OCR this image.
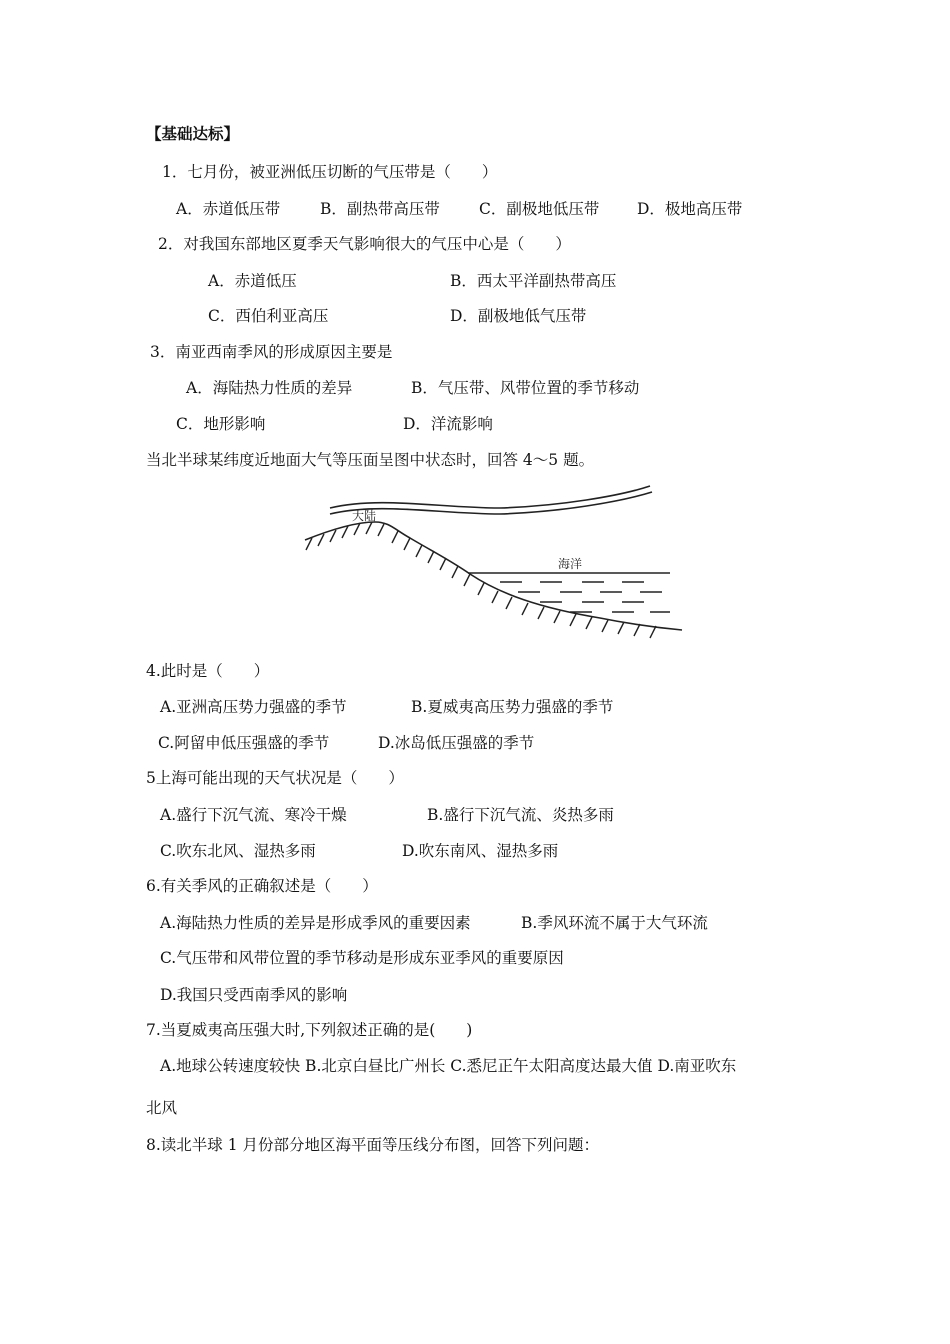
【基础达标】
1．七月份，被亚洲低压切断的气压带是（　　）
A．赤道低压带	B．副热带高压带	C．副极地低压带 D．极地高压带
2．对我国东部地区夏季天气影响很大的气压中心是（　　）
A．赤道低压	B．西太平洋副热带高压
C．西伯利亚高压	D．副极地低气压带
3．南亚西南季风的形成原因主要是
A．海陆热力性质的差异	B．气压带、风带位置的季节移动
C．地形影响	D．洋流影响
当北半球某纬度近地面大气等压面呈图中状态时，回答 4～5 题。
大陆
海洋
4.此时是（　　）
A.亚洲高压势力强盛的季节	B.夏威夷高压势力强盛的季节
C.阿留申低压强盛的季节	D.冰岛低压强盛的季节
5上海可能出现的天气状况是（　　）
A.盛行下沉气流、寒冷干燥	B.盛行下沉气流、炎热多雨
C.吹东北风、湿热多雨	D.吹东南风、湿热多雨
6.有关季风的正确叙述是（　　）
A.海陆热力性质的差异是形成季风的重要因素	B.季风环流不属于大气环流
C.气压带和风带位置的季节移动是形成东亚季风的重要原因
D.我国只受西南季风的影响
7.当夏威夷高压强大时,下列叙述正确的是(　　)
A.地球公转速度较快 B.北京白昼比广州长 C.悉尼正午太阳高度达最大值 D.南亚吹东
北风
8.读北半球 1 月份部分地区海平面等压线分布图，回答下列问题：
